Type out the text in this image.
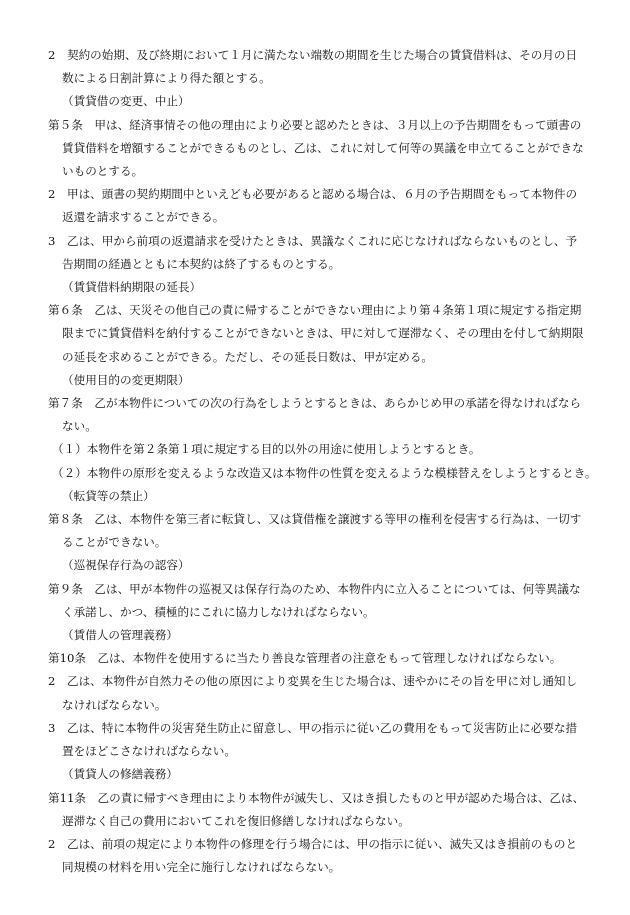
2　契約の始期、及び終期において１月に満たない端数の期間を生じた場合の賃貸借料は、その月の日
数による日割計算により得た額とする。
（賃貸借の変更、中止）
第５条　甲は、経済事情その他の理由により必要と認めたときは、３月以上の予告期間をもって頭書の
賃貸借料を増額することができるものとし、乙は、これに対して何等の異議を申立てることができな
いものとする。
2　甲は、頭書の契約期間中といえども必要があると認める場合は、６月の予告期間をもって本物件の
返還を請求することができる。
3　乙は、甲から前項の返還請求を受けたときは、異議なくこれに応じなければならないものとし、予
告期間の経過とともに本契約は終了するものとする。
（賃貸借料納期限の延長）
第６条　乙は、天災その他自己の責に帰することができない理由により第４条第１項に規定する指定期
限までに賃貸借料を納付することができないときは、甲に対して遅滞なく、その理由を付して納期限
の延長を求めることができる。ただし、その延長日数は、甲が定める。
（使用目的の変更期限）
第７条　乙が本物件についての次の行為をしようとするときは、あらかじめ甲の承諾を得なければなら
ない。
（１）本物件を第２条第１項に規定する目的以外の用途に使用しようとするとき。
（２）本物件の原形を変えるような改造又は本物件の性質を変えるような模様替えをしようとするとき。
（転貸等の禁止）
第８条　乙は、本物件を第三者に転貸し、又は貸借権を譲渡する等甲の権利を侵害する行為は、一切す
ることができない。
（巡視保存行為の認容）
第９条　乙は、甲が本物件の巡視又は保存行為のため、本物件内に立入ることについては、何等異議な
く承諾し、かつ、積極的にこれに協力しなければならない。
（賃借人の管理義務）
第10条　乙は、本物件を使用するに当たり善良な管理者の注意をもって管理しなければならない。
2　乙は、本物件が自然力その他の原因により変異を生じた場合は、速やかにその旨を甲に対し通知し
なければならない。
3　乙は、特に本物件の災害発生防止に留意し、甲の指示に従い乙の費用をもって災害防止に必要な措
置をほどこさなければならない。
（賃貸人の修繕義務）
第11条　乙の責に帰すべき理由により本物件が滅失し、又はき損したものと甲が認めた場合は、乙は、
遅滞なく自己の費用においてこれを復旧修繕しなければならない。
2　乙は、前項の規定により本物件の修理を行う場合には、甲の指示に従い、滅失又はき損前のものと
同規模の材料を用い完全に施行しなければならない。
